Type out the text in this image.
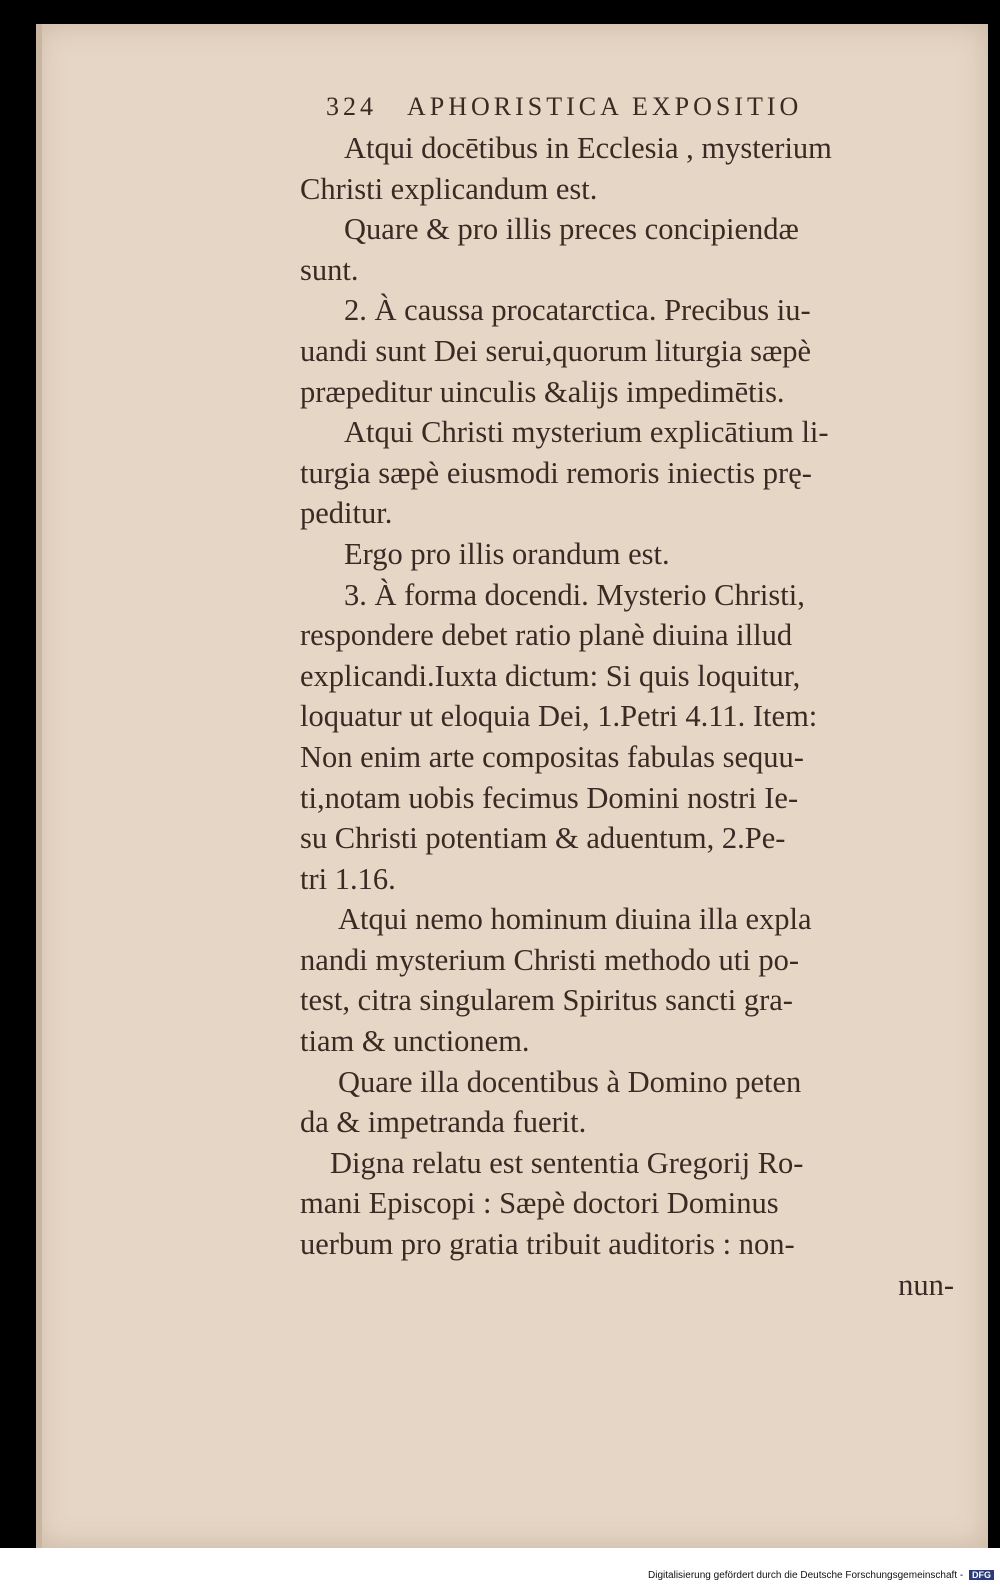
324 APHORISTICA EXPOSITIO
Atqui docētibus in Ecclesia , mysterium
Christi explicandum est.
Quare & pro illis preces concipiendæ
sunt.
2. À caussa procatarctica. Precibus iu-
uandi sunt Dei serui,quorum liturgia sæpè
præpeditur uinculis &alijs impedimētis.
Atqui Christi mysterium explicātium li-
turgia sæpè eiusmodi remoris iniectis prę-
peditur.
Ergo pro illis orandum est.
3. À forma docendi. Mysterio Christi,
respondere debet ratio planè diuina illud
explicandi.Iuxta dictum: Si quis loquitur,
loquatur ut eloquia Dei, 1.Petri 4.11. Item:
Non enim arte compositas fabulas sequu-
ti,notam uobis fecimus Domini nostri Ie-
su Christi potentiam & aduentum, 2.Pe-
tri 1.16.
Atqui nemo hominum diuina illa expla
nandi mysterium Christi methodo uti po-
test, citra singularem Spiritus sancti gra-
tiam & unctionem.
Quare illa docentibus à Domino peten
da & impetranda fuerit.
Digna relatu est sententia Gregorij Ro-
mani Episcopi : Sæpè doctori Dominus
uerbum pro gratia tribuit auditoris : non-
nun-
Digitalisierung gefördert durch die Deutsche Forschungsgemeinschaft - DFG
